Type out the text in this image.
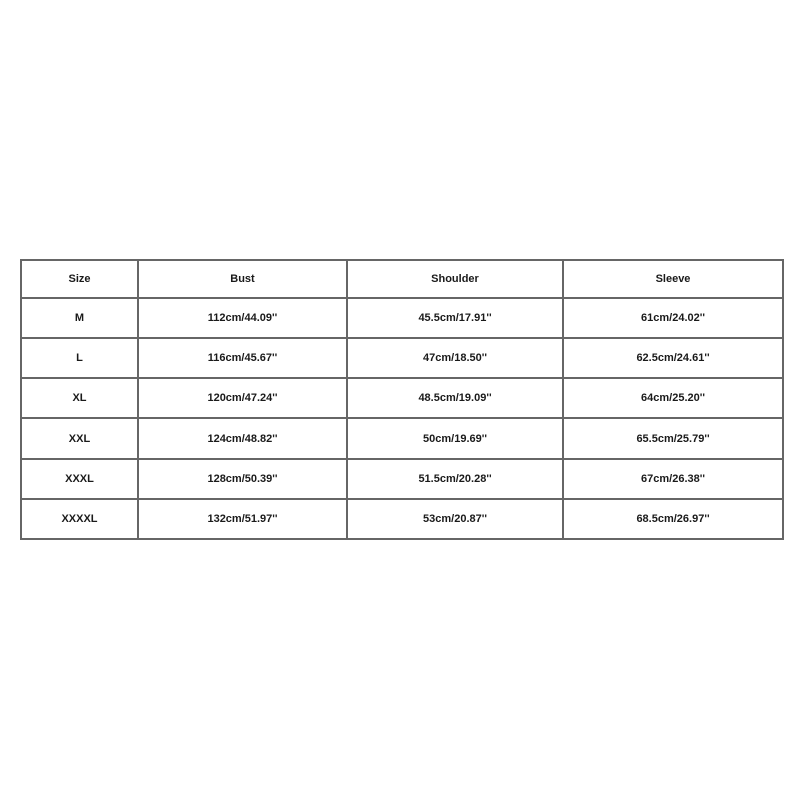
Size	Bust	Shoulder	Sleeve
M	112cm/44.09''	45.5cm/17.91''	61cm/24.02''
L	116cm/45.67''	47cm/18.50''	62.5cm/24.61''
XL	120cm/47.24''	48.5cm/19.09''	64cm/25.20''
XXL	124cm/48.82''	50cm/19.69''	65.5cm/25.79''
XXXL	128cm/50.39''	51.5cm/20.28''	67cm/26.38''
XXXXL	132cm/51.97''	53cm/20.87''	68.5cm/26.97''
